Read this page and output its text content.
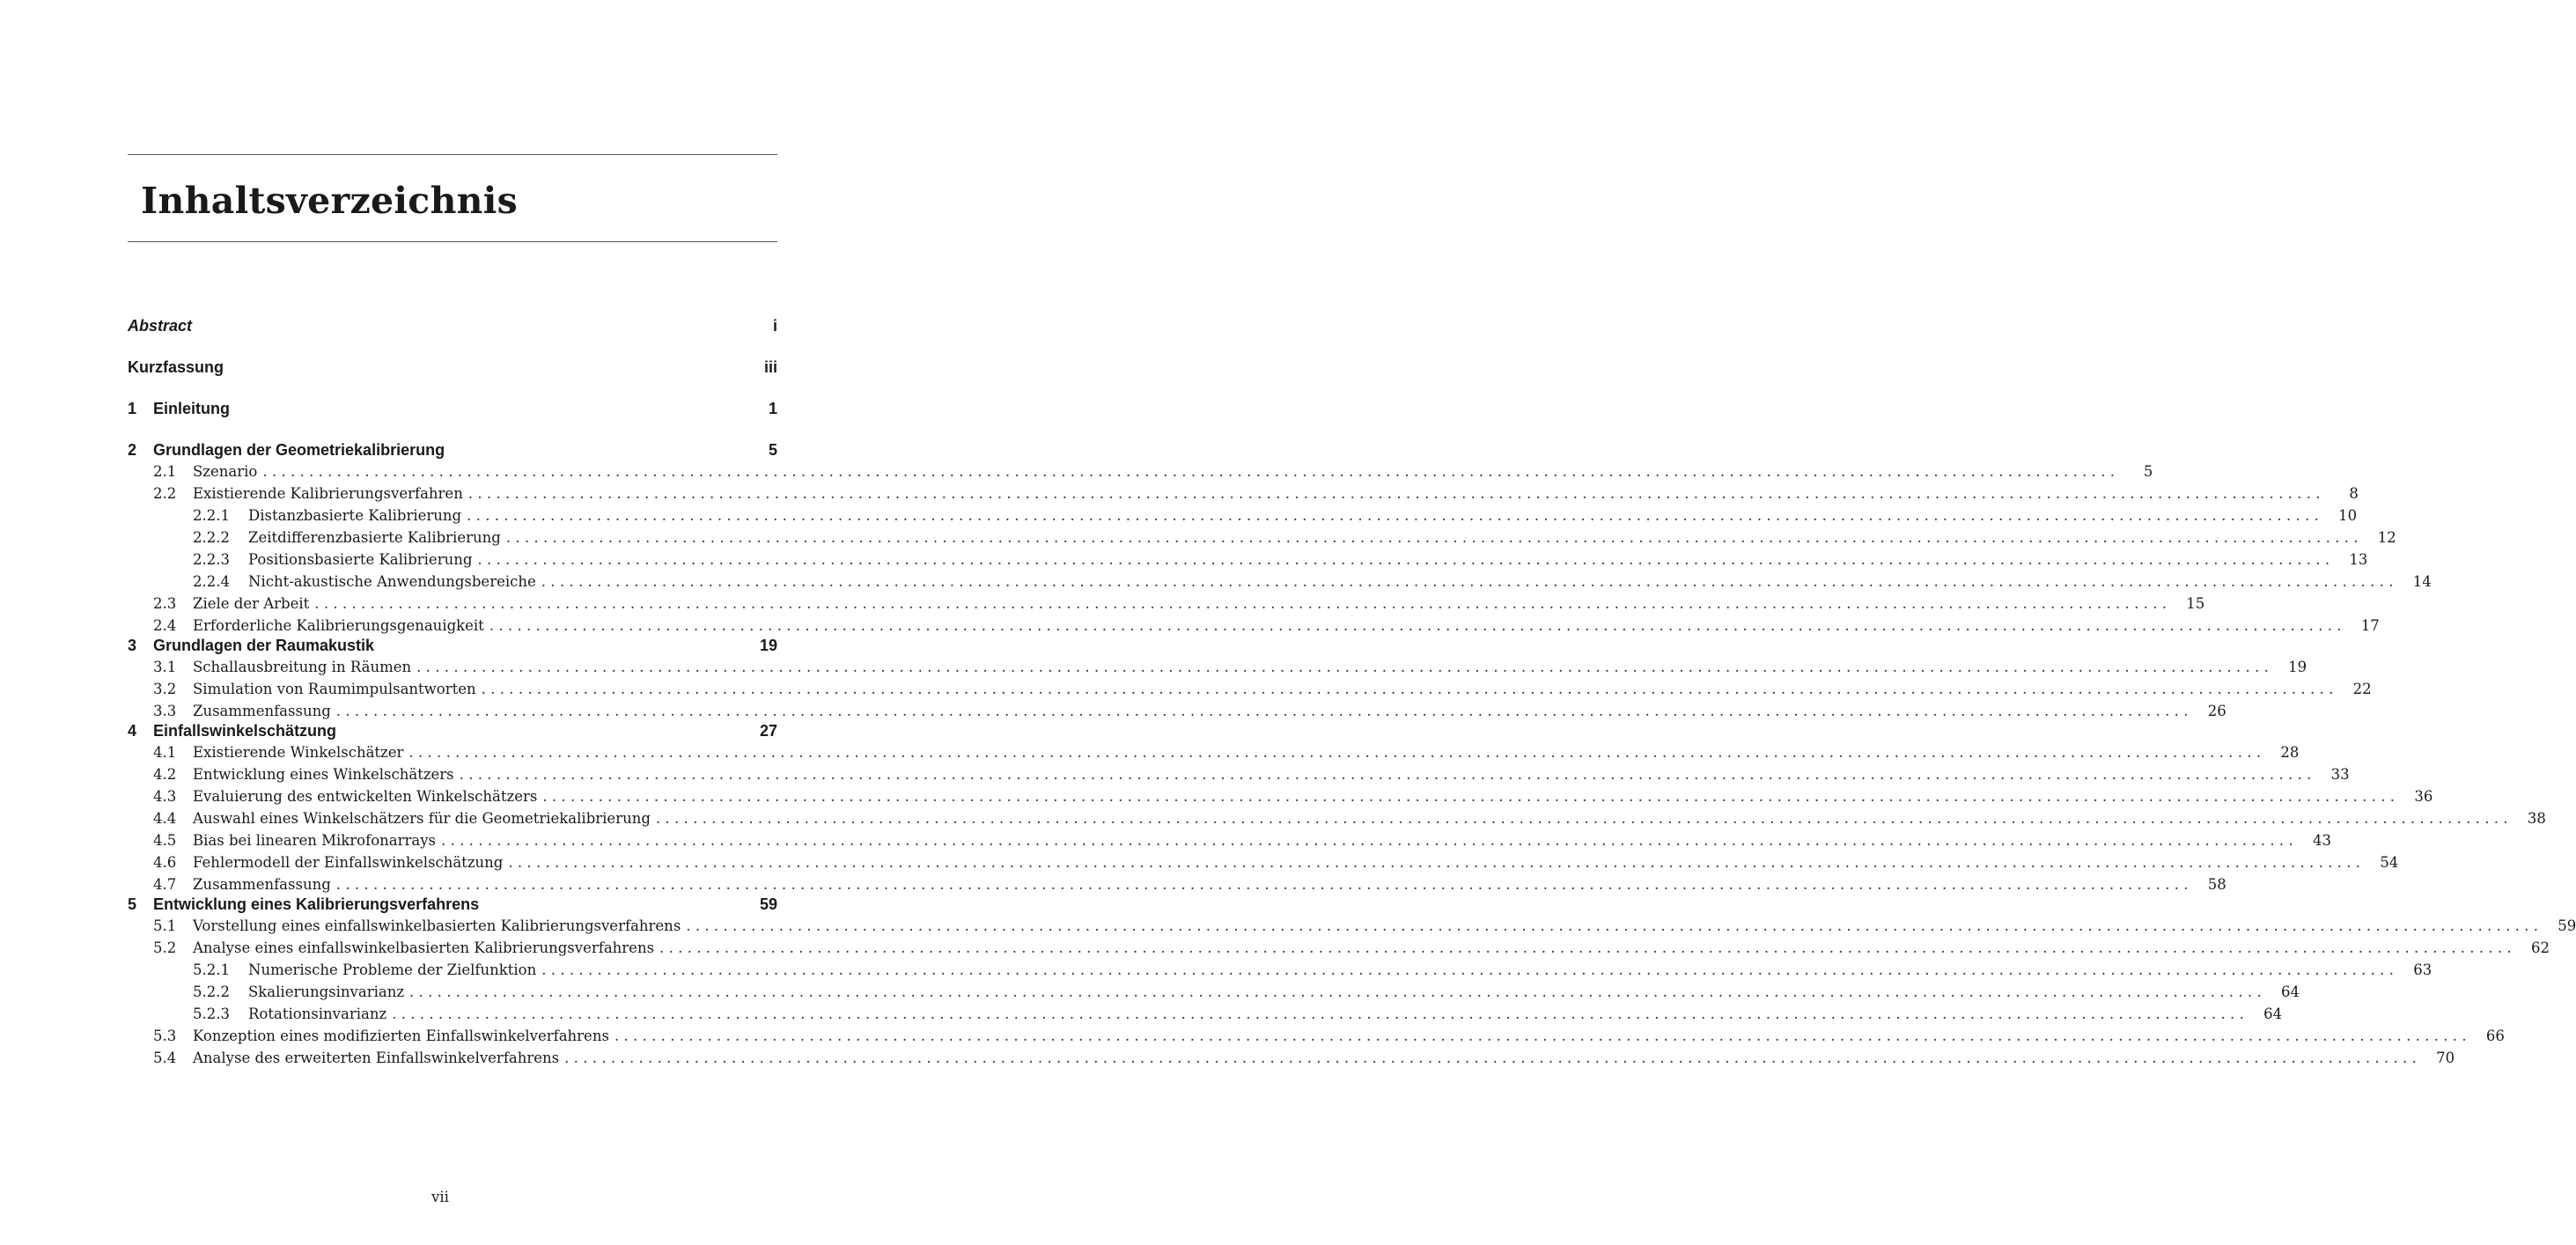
Inhaltsverzeichnis
Abstract	i
Kurzfassung	iii
1	Einleitung	1
2	Grundlagen der Geometriekalibrierung	5
2.1	Szenario ........................................................................................................................................................................................................	5
2.2	Existierende Kalibrierungsverfahren ........................................................................................................................................................................................................	8
2.2.1	Distanzbasierte Kalibrierung ........................................................................................................................................................................................................	10
2.2.2	Zeitdifferenzbasierte Kalibrierung ........................................................................................................................................................................................................	12
2.2.3	Positionsbasierte Kalibrierung ........................................................................................................................................................................................................	13
2.2.4	Nicht-akustische Anwendungsbereiche ........................................................................................................................................................................................................	14
2.3	Ziele der Arbeit ........................................................................................................................................................................................................	15
2.4	Erforderliche Kalibrierungsgenauigkeit ........................................................................................................................................................................................................	17
3	Grundlagen der Raumakustik	19
3.1	Schallausbreitung in Räumen ........................................................................................................................................................................................................	19
3.2	Simulation von Raumimpulsantworten ........................................................................................................................................................................................................	22
3.3	Zusammenfassung ........................................................................................................................................................................................................	26
4	Einfallswinkelschätzung	27
4.1	Existierende Winkelschätzer ........................................................................................................................................................................................................	28
4.2	Entwicklung eines Winkelschätzers ........................................................................................................................................................................................................	33
4.3	Evaluierung des entwickelten Winkelschätzers ........................................................................................................................................................................................................	36
4.4	Auswahl eines Winkelschätzers für die Geometriekalibrierung ........................................................................................................................................................................................................	38
4.5	Bias bei linearen Mikrofonarrays ........................................................................................................................................................................................................	43
4.6	Fehlermodell der Einfallswinkelschätzung ........................................................................................................................................................................................................	54
4.7	Zusammenfassung ........................................................................................................................................................................................................	58
5	Entwicklung eines Kalibrierungsverfahrens	59
5.1	Vorstellung eines einfallswinkelbasierten Kalibrierungsverfahrens ........................................................................................................................................................................................................	59
5.2	Analyse eines einfallswinkelbasierten Kalibrierungsverfahrens ........................................................................................................................................................................................................	62
5.2.1	Numerische Probleme der Zielfunktion ........................................................................................................................................................................................................	63
5.2.2	Skalierungsinvarianz ........................................................................................................................................................................................................	64
5.2.3	Rotationsinvarianz ........................................................................................................................................................................................................	64
5.3	Konzeption eines modifizierten Einfallswinkelverfahrens ........................................................................................................................................................................................................	66
5.4	Analyse des erweiterten Einfallswinkelverfahrens ........................................................................................................................................................................................................	70
vii
